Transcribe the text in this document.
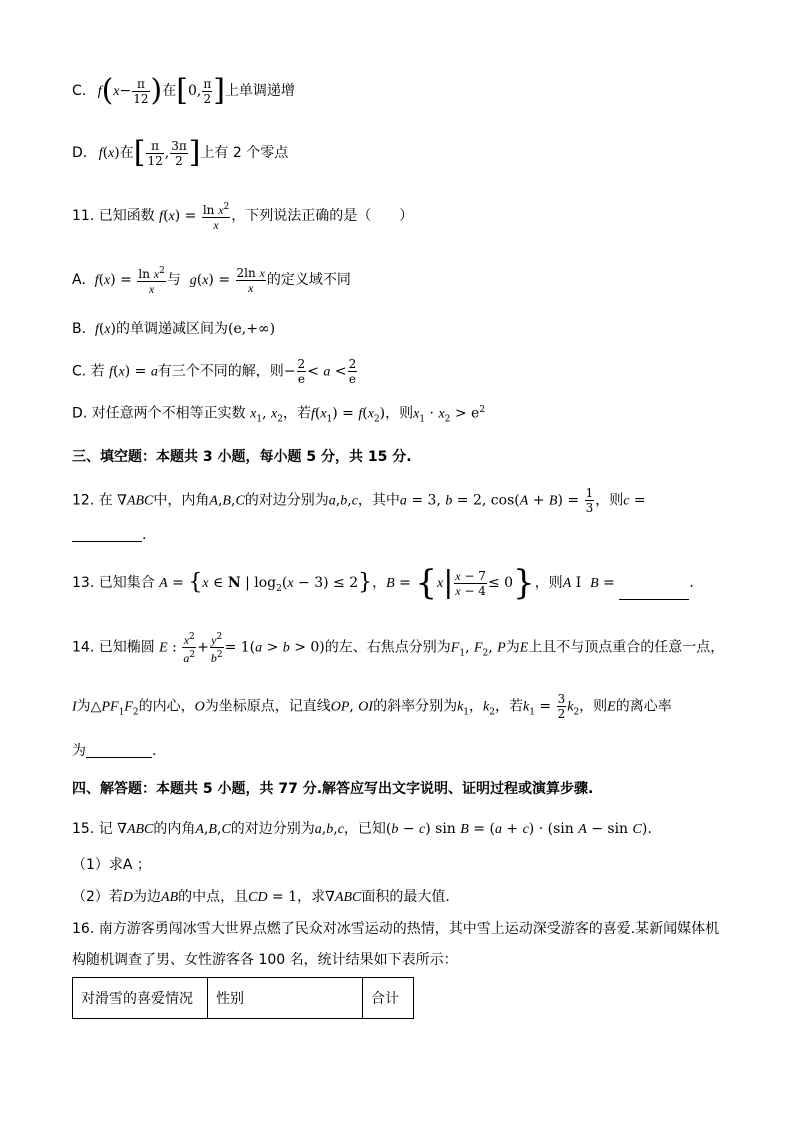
C.   $f(x- \frac{\pi}{12}$ )在[0, $\frac{\pi}{2}$ ]上单调递增
D.   f(x)在[ $\frac{\pi}{12}$ , $\frac{3\pi}{2}$ ]上有 2 个零点
11. 已知函数 $f(x) = \frac{\ln x^2}{x}$ ，下列说法正确的是（　　）
A. $f(x) = \frac{\ln x^2}{x}$ 与 $g(x) = \frac{\text{2ln x}}{x}$ 的定义域不同
B. f(x)的单调递减区间为(e,+∞)
C. 若 f(x) = a有三个不同的解，则− $\frac{2}{e} < a < \frac{2}{e}$
D. 对任意两个不相等正实数 $x_1$, $x_2$，若$f(x_1) = f(x_2)$，则$x_1 \cdot x_2 > e^2$
三、填空题：本题共 3 小题，每小题 5 分，共 15 分.
12. 在 ∇ABC中，内角A,B,C的对边分别为a,b,c，其中a = 3, b = 2, $\cos(A + B) = \frac{1}{3}$ ，则c =
.
13. 已知集合 A = {x ∈ N | $\log_2(x - 3) \le 2$}，$B = \{x| \frac{x - 7}{x - 4} \le 0\}$，则A I  B =	.
14. 已知椭圆 E : $\frac{x^2}{a^2} + \frac{y^2}{b^2} = 1(a > b > 0)$的左、右焦点分别为$F_1$, $F_2$, P为E上且不与顶点重合的任意一点，
I为$\triangle PF_1F_2$的内心，O为坐标原点，记直线OP, OI的斜率分别为$k_1$，$k_2$，若$k_1 = \frac{3}{2} k_2$，则E的离心率
为	.
四、解答题：本题共 5 小题，共 77 分.解答应写出文字说明、证明过程或演算步骤.
15. 记 ∇ABC的内角A,B,C的对边分别为a,b,c，已知(b − c) sin B = (a + c) · (sin A − sin C).
（1）求A ；
（2）若D为边AB的中点，且CD = 1，求∇ABC面积的最大值.
16. 南方游客勇闯冰雪大世界点燃了民众对冰雪运动的热情，其中雪上运动深受游客的喜爱.某新闻媒体机
构随机调查了男、女性游客各 100 名，统计结果如下表所示：
对滑雪的喜爱情况	性别	合计
